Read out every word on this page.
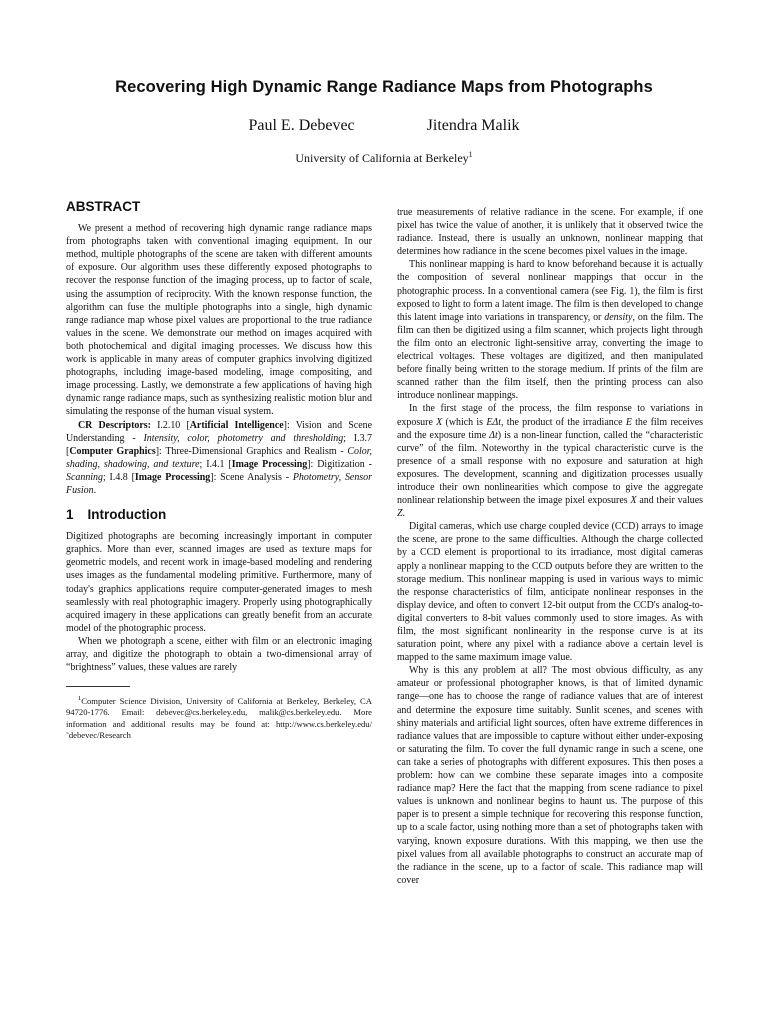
Recovering High Dynamic Range Radiance Maps from Photographs
Paul E. Debevec	Jitendra Malik
University of California at Berkeley$^1$
ABSTRACT

We present a method of recovering high dynamic range radiance maps from photographs taken with conventional imaging equipment. In our method, multiple photographs of the scene are taken with different amounts of exposure. Our algorithm uses these differently exposed photographs to recover the response function of the imaging process, up to factor of scale, using the assumption of reciprocity. With the known response function, the algorithm can fuse the multiple photographs into a single, high dynamic range radiance map whose pixel values are proportional to the true radiance values in the scene. We demonstrate our method on images acquired with both photochemical and digital imaging processes. We discuss how this work is applicable in many areas of computer graphics involving digitized photographs, including image-based modeling, image compositing, and image processing. Lastly, we demonstrate a few applications of having high dynamic range radiance maps, such as synthesizing realistic motion blur and simulating the response of the human visual system.

CR Descriptors: I.2.10 [Artificial Intelligence]: Vision and Scene Understanding - Intensity, color, photometry and thresholding; I.3.7 [Computer Graphics]: Three-Dimensional Graphics and Realism - Color, shading, shadowing, and texture; I.4.1 [Image Processing]: Digitization - Scanning; I.4.8 [Image Processing]: Scene Analysis - Photometry, Sensor Fusion.

1 Introduction

Digitized photographs are becoming increasingly important in computer graphics. More than ever, scanned images are used as texture maps for geometric models, and recent work in image-based modeling and rendering uses images as the fundamental modeling primitive. Furthermore, many of today's graphics applications require computer-generated images to mesh seamlessly with real photographic imagery. Properly using photographically acquired imagery in these applications can greatly benefit from an accurate model of the photographic process.

When we photograph a scene, either with film or an electronic imaging array, and digitize the photograph to obtain a two-dimensional array of “brightness” values, these values are rarely

$^1$Computer Science Division, University of California at Berkeley, Berkeley, CA 94720-1776. Email: debevec@cs.berkeley.edu, malik@cs.berkeley.edu. More information and additional results may be found at: http://www.cs.berkeley.edu/˜debevec/Research

true measurements of relative radiance in the scene. For example, if one pixel has twice the value of another, it is unlikely that it observed twice the radiance. Instead, there is usually an unknown, nonlinear mapping that determines how radiance in the scene becomes pixel values in the image.

This nonlinear mapping is hard to know beforehand because it is actually the composition of several nonlinear mappings that occur in the photographic process. In a conventional camera (see Fig. 1), the film is first exposed to light to form a latent image. The film is then developed to change this latent image into variations in transparency, or density, on the film. The film can then be digitized using a film scanner, which projects light through the film onto an electronic light-sensitive array, converting the image to electrical voltages. These voltages are digitized, and then manipulated before finally being written to the storage medium. If prints of the film are scanned rather than the film itself, then the printing process can also introduce nonlinear mappings.

In the first stage of the process, the film response to variations in exposure X (which is EΔt, the product of the irradiance E the film receives and the exposure time Δt) is a non-linear function, called the “characteristic curve” of the film. Noteworthy in the typical characteristic curve is the presence of a small response with no exposure and saturation at high exposures. The development, scanning and digitization processes usually introduce their own nonlinearities which compose to give the aggregate nonlinear relationship between the image pixel exposures X and their values Z.

Digital cameras, which use charge coupled device (CCD) arrays to image the scene, are prone to the same difficulties. Although the charge collected by a CCD element is proportional to its irradiance, most digital cameras apply a nonlinear mapping to the CCD outputs before they are written to the storage medium. This nonlinear mapping is used in various ways to mimic the response characteristics of film, anticipate nonlinear responses in the display device, and often to convert 12-bit output from the CCD's analog-to-digital converters to 8-bit values commonly used to store images. As with film, the most significant nonlinearity in the response curve is at its saturation point, where any pixel with a radiance above a certain level is mapped to the same maximum image value.

Why is this any problem at all? The most obvious difficulty, as any amateur or professional photographer knows, is that of limited dynamic range—one has to choose the range of radiance values that are of interest and determine the exposure time suitably. Sunlit scenes, and scenes with shiny materials and artificial light sources, often have extreme differences in radiance values that are impossible to capture without either under-exposing or saturating the film. To cover the full dynamic range in such a scene, one can take a series of photographs with different exposures. This then poses a problem: how can we combine these separate images into a composite radiance map? Here the fact that the mapping from scene radiance to pixel values is unknown and nonlinear begins to haunt us. The purpose of this paper is to present a simple technique for recovering this response function, up to a scale factor, using nothing more than a set of photographs taken with varying, known exposure durations. With this mapping, we then use the pixel values from all available photographs to construct an accurate map of the radiance in the scene, up to a factor of scale. This radiance map will cover
